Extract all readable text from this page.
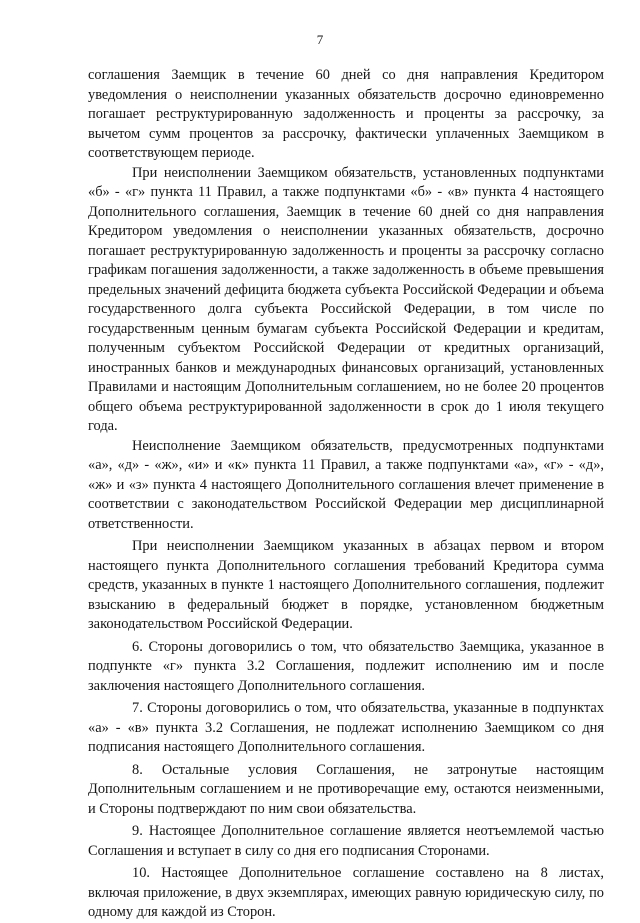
7

соглашения Заемщик в течение 60 дней со дня направления Кредитором уведомления о неисполнении указанных обязательств досрочно единовременно погашает реструктурированную задолженность и проценты за рассрочку, за вычетом сумм процентов за рассрочку, фактически уплаченных Заемщиком в соответствующем периоде.

При неисполнении Заемщиком обязательств, установленных подпунктами «б» - «г» пункта 11 Правил, а также подпунктами «б» - «в» пункта 4 настоящего Дополнительного соглашения, Заемщик в течение 60 дней со дня направления Кредитором уведомления о неисполнении указанных обязательств, досрочно погашает реструктурированную задолженность и проценты за рассрочку согласно графикам погашения задолженности, а также задолженность в объеме превышения предельных значений дефицита бюджета субъекта Российской Федерации и объема государственного долга субъекта Российской Федерации, в том числе по государственным ценным бумагам субъекта Российской Федерации и кредитам, полученным субъектом Российской Федерации от кредитных организаций, иностранных банков и международных финансовых организаций, установленных Правилами и настоящим Дополнительным соглашением, но не более 20 процентов общего объема реструктурированной задолженности в срок до 1 июля текущего года.

Неисполнение Заемщиком обязательств, предусмотренных подпунктами «а», «д» - «ж», «и» и «к» пункта 11 Правил, а также подпунктами «а», «г» - «д», «ж» и «з» пункта 4 настоящего Дополнительного соглашения влечет применение в соответствии с законодательством Российской Федерации мер дисциплинарной ответственности.

При неисполнении Заемщиком указанных в абзацах первом и втором настоящего пункта Дополнительного соглашения требований Кредитора сумма средств, указанных в пункте 1 настоящего Дополнительного соглашения, подлежит взысканию в федеральный бюджет в порядке, установленном бюджетным законодательством Российской Федерации.

6. Стороны договорились о том, что обязательство Заемщика, указанное в подпункте «г» пункта 3.2 Соглашения, подлежит исполнению им и после заключения настоящего Дополнительного соглашения.

7. Стороны договорились о том, что обязательства, указанные в подпунктах «а» - «в» пункта 3.2 Соглашения, не подлежат исполнению Заемщиком со дня подписания настоящего Дополнительного соглашения.

8. Остальные условия Соглашения, не затронутые настоящим Дополнительным соглашением и не противоречащие ему, остаются неизменными, и Стороны подтверждают по ним свои обязательства.

9. Настоящее Дополнительное соглашение является неотъемлемой частью Соглашения и вступает в силу со дня его подписания Сторонами.

10. Настоящее Дополнительное соглашение составлено на 8 листах, включая приложение, в двух экземплярах, имеющих равную юридическую силу, по одному для каждой из Сторон.
